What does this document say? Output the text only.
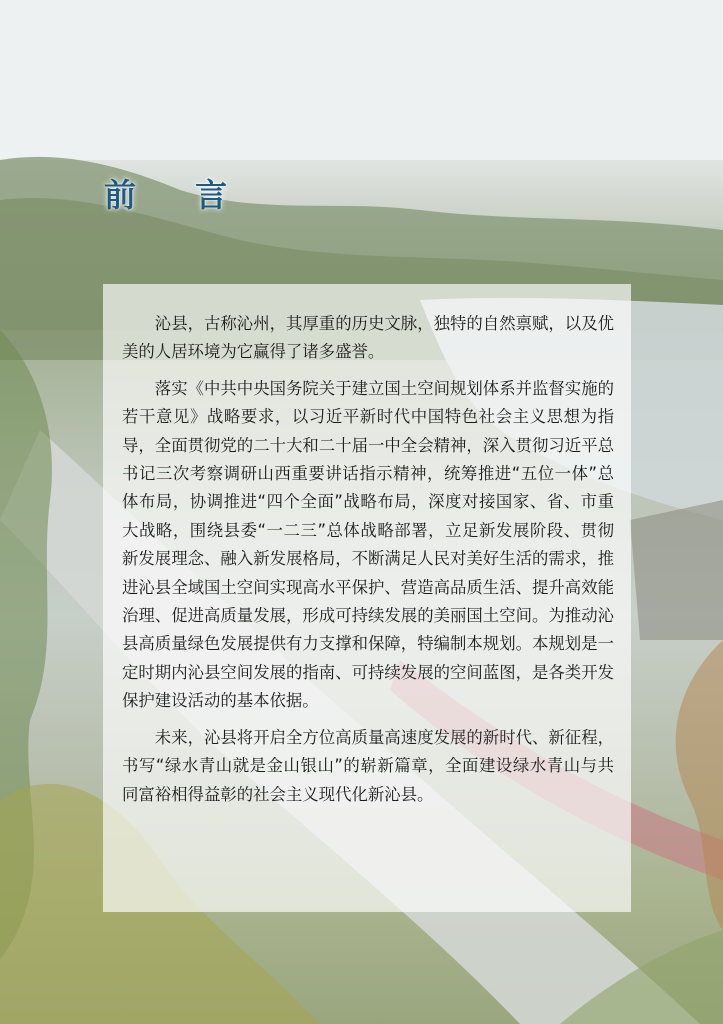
前 言

沁县，古称沁州，其厚重的历史文脉，独特的自然禀赋，以及优美的人居环境为它赢得了诸多盛誉。

落实《中共中央国务院关于建立国土空间规划体系并监督实施的若干意见》战略要求，以习近平新时代中国特色社会主义思想为指导，全面贯彻党的二十大和二十届一中全会精神，深入贯彻习近平总书记三次考察调研山西重要讲话指示精神，统筹推进“五位一体”总体布局，协调推进“四个全面”战略布局，深度对接国家、省、市重大战略，围绕县委“一二三”总体战略部署，立足新发展阶段、贯彻新发展理念、融入新发展格局，不断满足人民对美好生活的需求，推进沁县全域国土空间实现高水平保护、营造高品质生活、提升高效能治理、促进高质量发展，形成可持续发展的美丽国土空间。为推动沁县高质量绿色发展提供有力支撑和保障，特编制本规划。本规划是一定时期内沁县空间发展的指南、可持续发展的空间蓝图，是各类开发保护建设活动的基本依据。

未来，沁县将开启全方位高质量高速度发展的新时代、新征程，书写“绿水青山就是金山银山”的崭新篇章，全面建设绿水青山与共同富裕相得益彰的社会主义现代化新沁县。
